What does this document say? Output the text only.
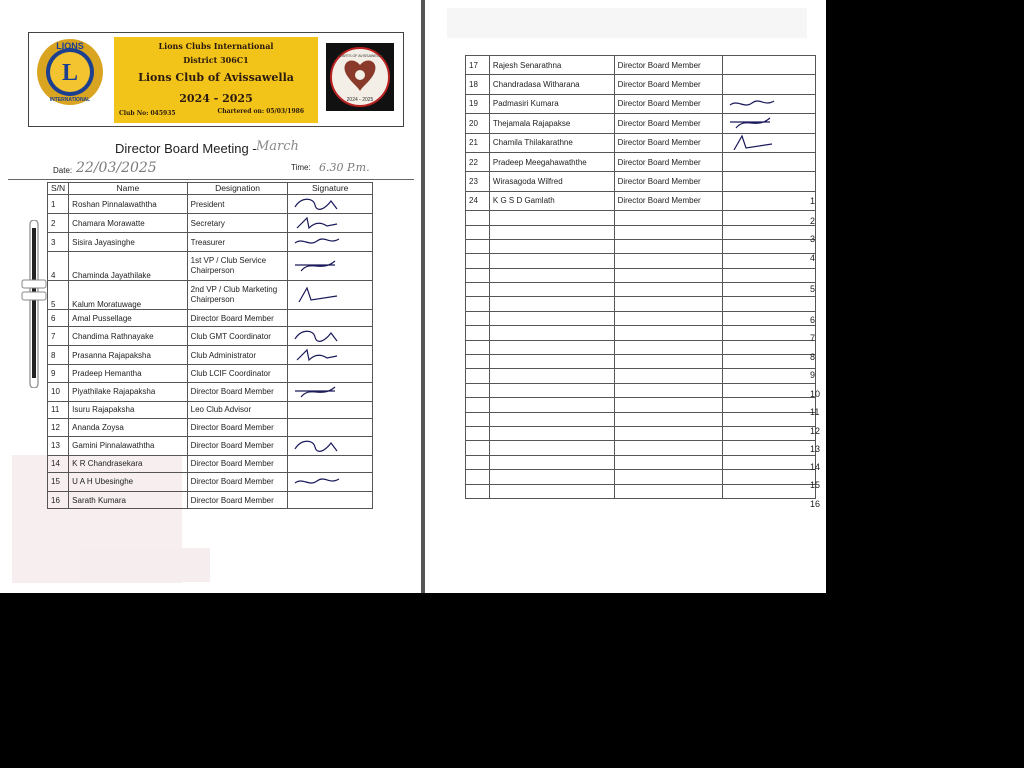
L
LIONS
INTERNATIONAL
Lions Clubs International
District 306C1
Lions Club of Avissawella
2024 - 2025
Club No: 045935	Chartered on: 05/03/1986
HEARTS OF AVISSAWELLA
2024 - 2025
Director Board Meeting - March
Date: 22/03/2025	Time: 6.30 P.m.
S/N	Name	Designation	Signature
1	Roshan Pinnalawaththa	President	
2	Chamara Morawatte	Secretary	
3	Sisira Jayasinghe	Treasurer	
4	Chaminda Jayathilake	1st VP / Club Service Chairperson	
5	Kalum Moratuwage	2nd VP / Club Marketing Chairperson	
6	Amal Pussellage	Director Board Member	
7	Chandima Rathnayake	Club GMT Coordinator	
8	Prasanna Rajapaksha	Club Administrator	
9	Pradeep Hemantha	Club LCIF Coordinator	
10	Piyathilake Rajapaksha	Director Board Member	
11	Isuru Rajapaksha	Leo Club Advisor	
12	Ananda Zoysa	Director Board Member	
13	Gamini Pinnalawaththa	Director Board Member	
14	K R Chandrasekara	Director Board Member	
15	U A H Ubesinghe	Director Board Member	
16	Sarath Kumara	Director Board Member	
17	Rajesh Senarathna	Director Board Member	
18	Chandradasa Witharana	Director Board Member	
19	Padmasiri Kumara	Director Board Member	
20	Thejamala Rajapakse	Director Board Member	
21	Chamila Thilakarathne	Director Board Member	
22	Pradeep Meegahawaththe	Director Board Member	
23	Wirasagoda Wilfred	Director Board Member	
24	K G S D Gamlath	Director Board Member	

				1
2
3
4
5
6
7
8
9
10
11
12
13
14
15
16
